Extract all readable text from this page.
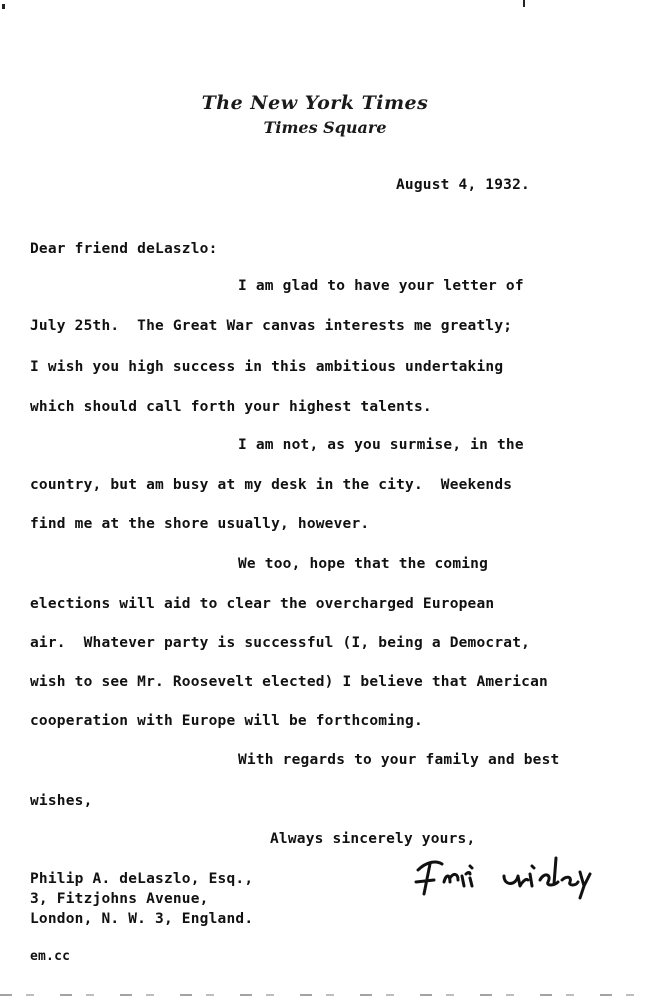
The New York Times
Times Square
August 4, 1932.
Dear friend deLaszlo:
I am glad to have your letter of
July 25th.  The Great War canvas interests me greatly;
I wish you high success in this ambitious undertaking
which should call forth your highest talents.
I am not, as you surmise, in the
country, but am busy at my desk in the city.  Weekends
find me at the shore usually, however.
We too, hope that the coming
elections will aid to clear the overcharged European
air.  Whatever party is successful (I, being a Democrat,
wish to see Mr. Roosevelt elected) I believe that American
cooperation with Europe will be forthcoming.
With regards to your family and best
wishes,
Always sincerely yours,
Philip A. deLaszlo, Esq.,
3, Fitzjohns Avenue,
London, N. W. 3, England.
em.cc
